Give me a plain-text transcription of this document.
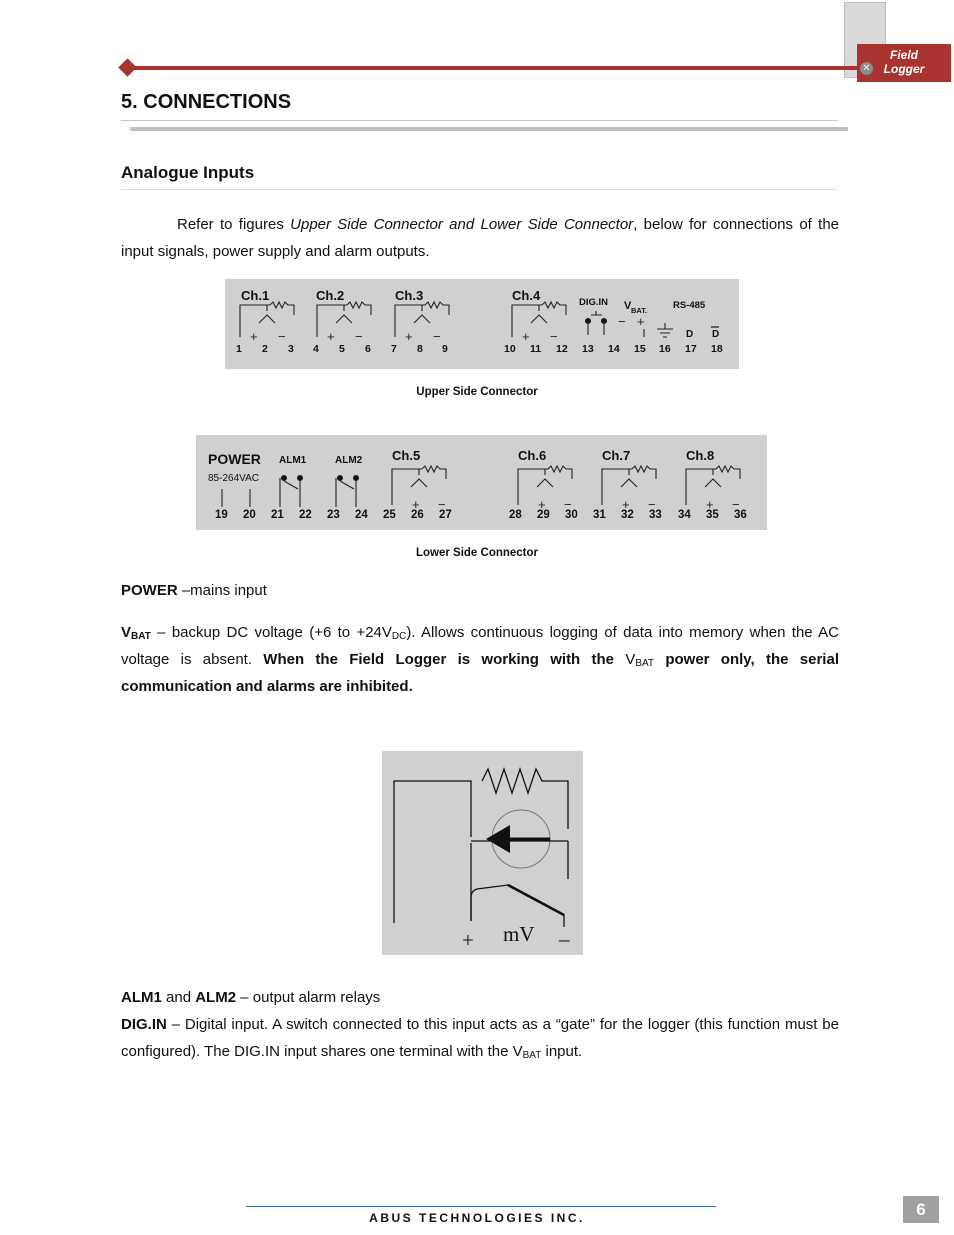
Field
Logger
✕
5. CONNECTIONS
Analogue Inputs

Refer to figures Upper Side Connector and Lower Side Connector, below for connections of the input signals, power supply and alarm outputs.

Ch.1	Ch.2	Ch.3	Ch.4	DIG.IN V BAT.	RS-485
D D
+ −	+ −	+ −	+ −
− +
1 2 3 4 5 6 7 8 9	10 11 12 13 14 15 16 17 18
Upper Side Connector
POWER
85-264VAC
ALM1	ALM2 Ch.5	Ch.6	Ch.7	Ch.8
+ −	+ −	+ −	+ −
19 20 21 22 23 24 25 26 27	28 29 30 31 32 33 34 35 36
Lower Side Connector

POWER –mains input

$V_{BAT}$ – backup DC voltage (+6 to $+24V_{DC}$). Allows continuous logging of data into memory when the AC voltage is absent. When the Field Logger is working with the $V_{BAT}$ power only, the serial communication and alarms are inhibited.

+ mV –

ALM1 and ALM2 – output alarm relays

DIG.IN – Digital input. A switch connected to this input acts as a “gate” for the logger (this function must be configured). The DIG.IN input shares one terminal with the $V_{BAT}$ input.

ABUS TECHNOLOGIES INC.	6
